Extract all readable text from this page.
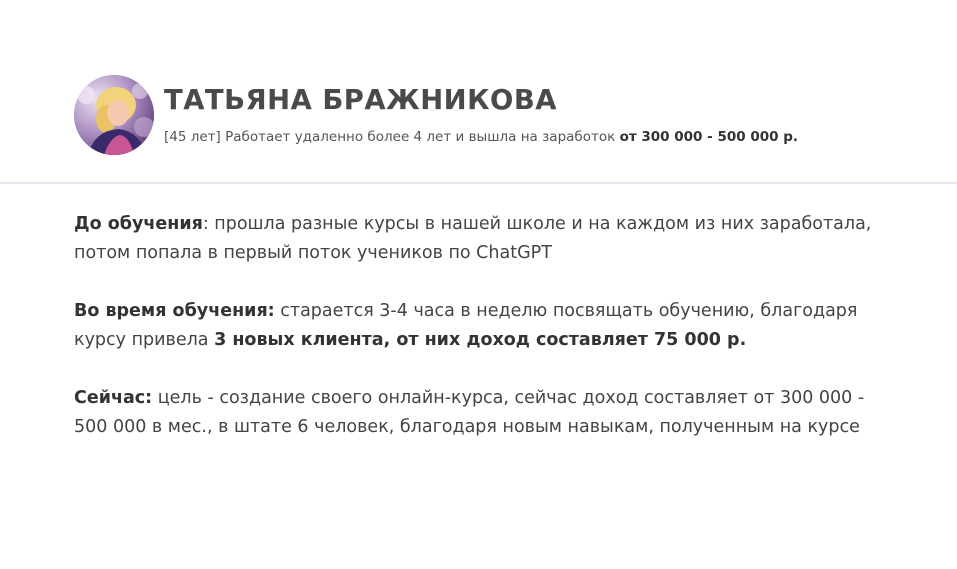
ТАТЬЯНА БРАЖНИКОВА
[45 лет] Работает удаленно более 4 лет и вышла на заработок от 300 000 - 500 000 р.

До обучения: прошла разные курсы в нашей школе и на каждом из них заработала, потом попала в первый поток учеников по ChatGPT

Во время обучения: старается 3-4 часа в неделю посвящать обучению, благодаря курсу привела 3 новых клиента, от них доход составляет 75 000 р.

Сейчас: цель - создание своего онлайн-курса, сейчас доход составляет от 300 000 - 500 000 в мес., в штате 6 человек, благодаря новым навыкам, полученным на курсе
